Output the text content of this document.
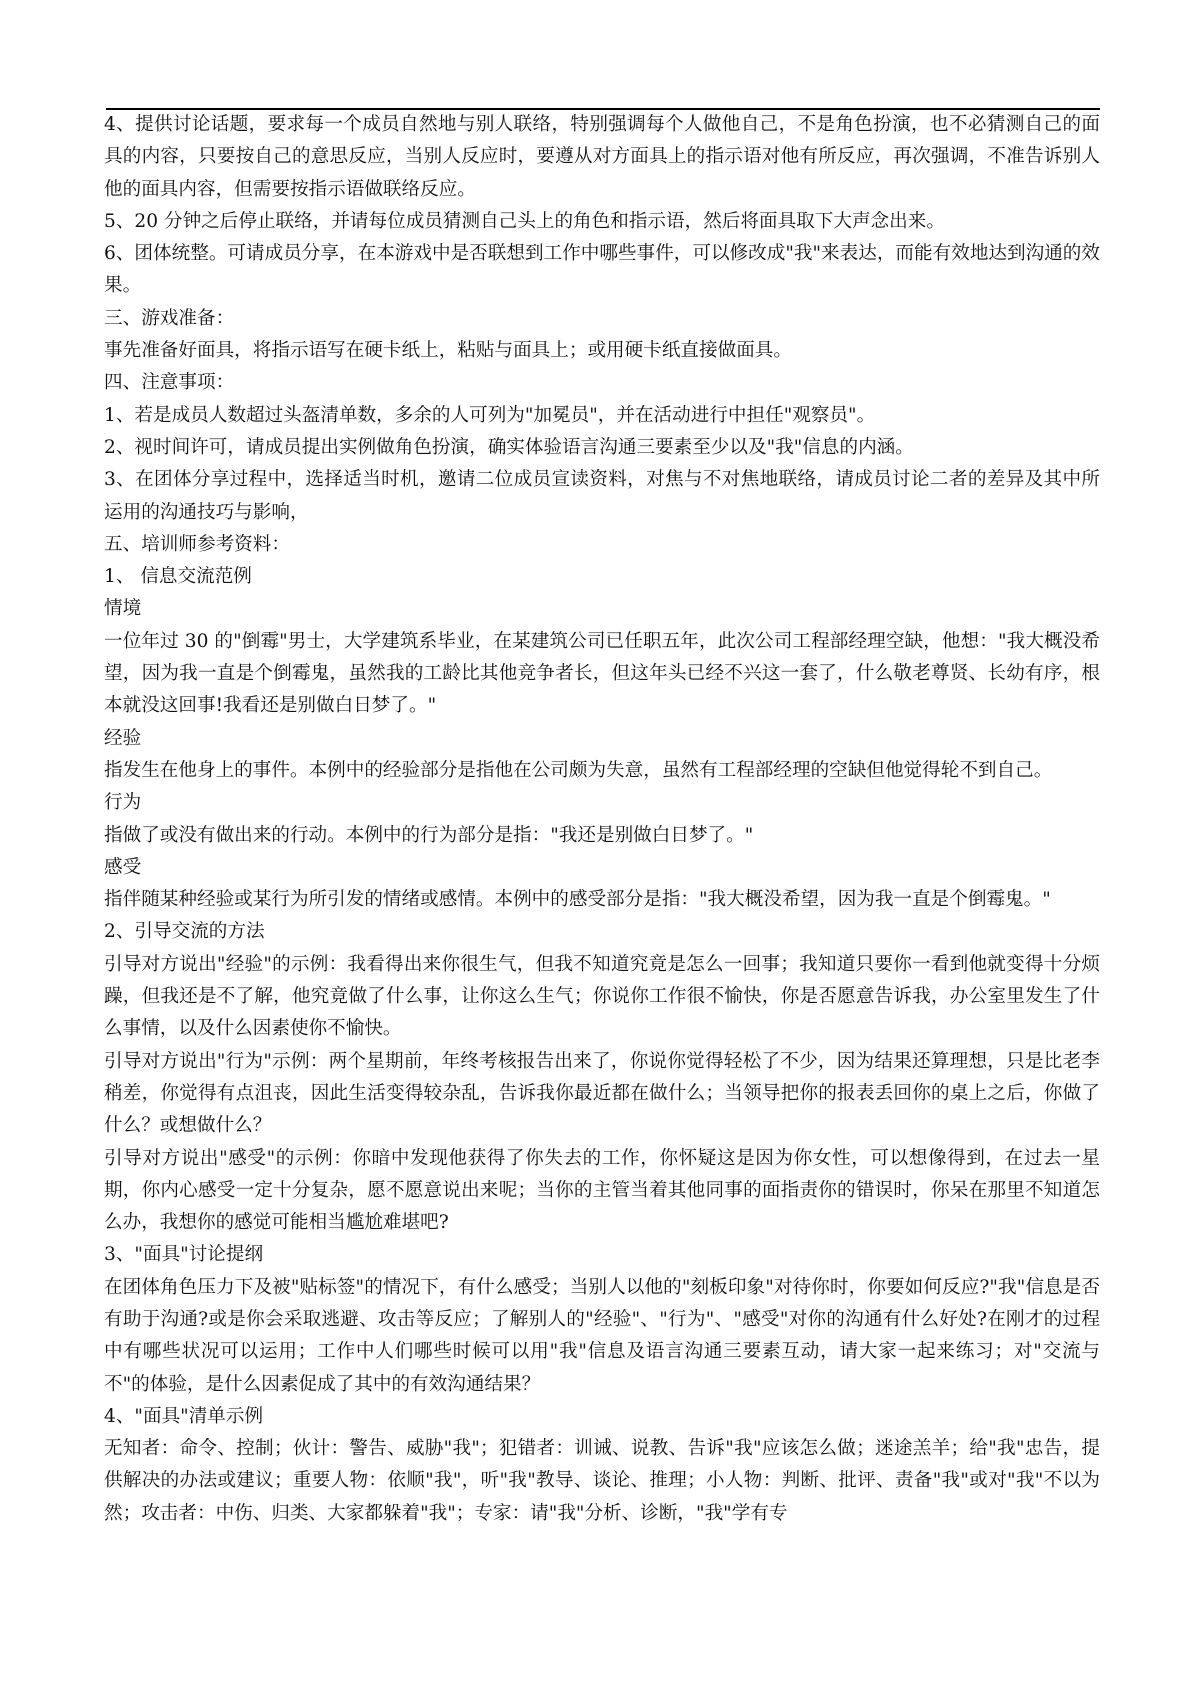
4、提供讨论话题，要求每一个成员自然地与别人联络，特别强调每个人做他自己，不是角色扮演，也不必猜测自己的面具的内容，只要按自己的意思反应，当别人反应时，要遵从对方面具上的指示语对他有所反应，再次强调，不准告诉别人他的面具内容，但需要按指示语做联络反应。

5、20 分钟之后停止联络，并请每位成员猜测自己头上的角色和指示语，然后将面具取下大声念出来。

6、团体统整。可请成员分享，在本游戏中是否联想到工作中哪些事件，可以修改成"我"来表达，而能有效地达到沟通的效果。

三、游戏准备：

事先准备好面具，将指示语写在硬卡纸上，粘贴与面具上；或用硬卡纸直接做面具。

四、注意事项：

1、若是成员人数超过头盔清单数，多余的人可列为"加冕员"，并在活动进行中担任"观察员"。

2、视时间许可，请成员提出实例做角色扮演，确实体验语言沟通三要素至少以及"我"信息的内涵。

3、在团体分享过程中，选择适当时机，邀请二位成员宣读资料，对焦与不对焦地联络，请成员讨论二者的差异及其中所运用的沟通技巧与影响，

五、培训师参考资料：

1、 信息交流范例

情境

一位年过 30 的"倒霉"男士，大学建筑系毕业，在某建筑公司已任职五年，此次公司工程部经理空缺，他想："我大概没希望，因为我一直是个倒霉鬼，虽然我的工龄比其他竞争者长，但这年头已经不兴这一套了，什么敬老尊贤、长幼有序，根本就没这回事!我看还是别做白日梦了。"

经验

指发生在他身上的事件。本例中的经验部分是指他在公司颇为失意，虽然有工程部经理的空缺但他觉得轮不到自己。

行为

指做了或没有做出来的行动。本例中的行为部分是指："我还是别做白日梦了。"

感受

指伴随某种经验或某行为所引发的情绪或感情。本例中的感受部分是指："我大概没希望，因为我一直是个倒霉鬼。"

2、引导交流的方法

引导对方说出"经验"的示例：我看得出来你很生气，但我不知道究竟是怎么一回事；我知道只要你一看到他就变得十分烦躁，但我还是不了解，他究竟做了什么事，让你这么生气；你说你工作很不愉快，你是否愿意告诉我，办公室里发生了什么事情，以及什么因素使你不愉快。

引导对方说出"行为"示例：两个星期前，年终考核报告出来了，你说你觉得轻松了不少，因为结果还算理想，只是比老李稍差，你觉得有点沮丧，因此生活变得较杂乱，告诉我你最近都在做什么；当领导把你的报表丢回你的桌上之后，你做了什么？或想做什么？

引导对方说出"感受"的示例：你暗中发现他获得了你失去的工作，你怀疑这是因为你女性，可以想像得到，在过去一星期，你内心感受一定十分复杂，愿不愿意说出来呢；当你的主管当着其他同事的面指责你的错误时，你呆在那里不知道怎么办，我想你的感觉可能相当尴尬难堪吧?

3、"面具"讨论提纲

在团体角色压力下及被"贴标签"的情况下，有什么感受；当别人以他的"刻板印象"对待你时，你要如何反应?"我"信息是否有助于沟通?或是你会采取逃避、攻击等反应；了解别人的"经验"、"行为"、"感受"对你的沟通有什么好处?在刚才的过程中有哪些状况可以运用；工作中人们哪些时候可以用"我"信息及语言沟通三要素互动，请大家一起来练习；对"交流与不"的体验，是什么因素促成了其中的有效沟通结果？

4、"面具"清单示例

无知者：命令、控制；伙计：警告、威胁"我"；犯错者：训诫、说教、告诉"我"应该怎么做；迷途羔羊；给"我"忠告，提供解决的办法或建议；重要人物：依顺"我"，听"我"教导、谈论、推理；小人物：判断、批评、责备"我"或对"我"不以为然；攻击者：中伤、归类、大家都躲着"我"；专家：请"我"分析、诊断，"我"学有专
